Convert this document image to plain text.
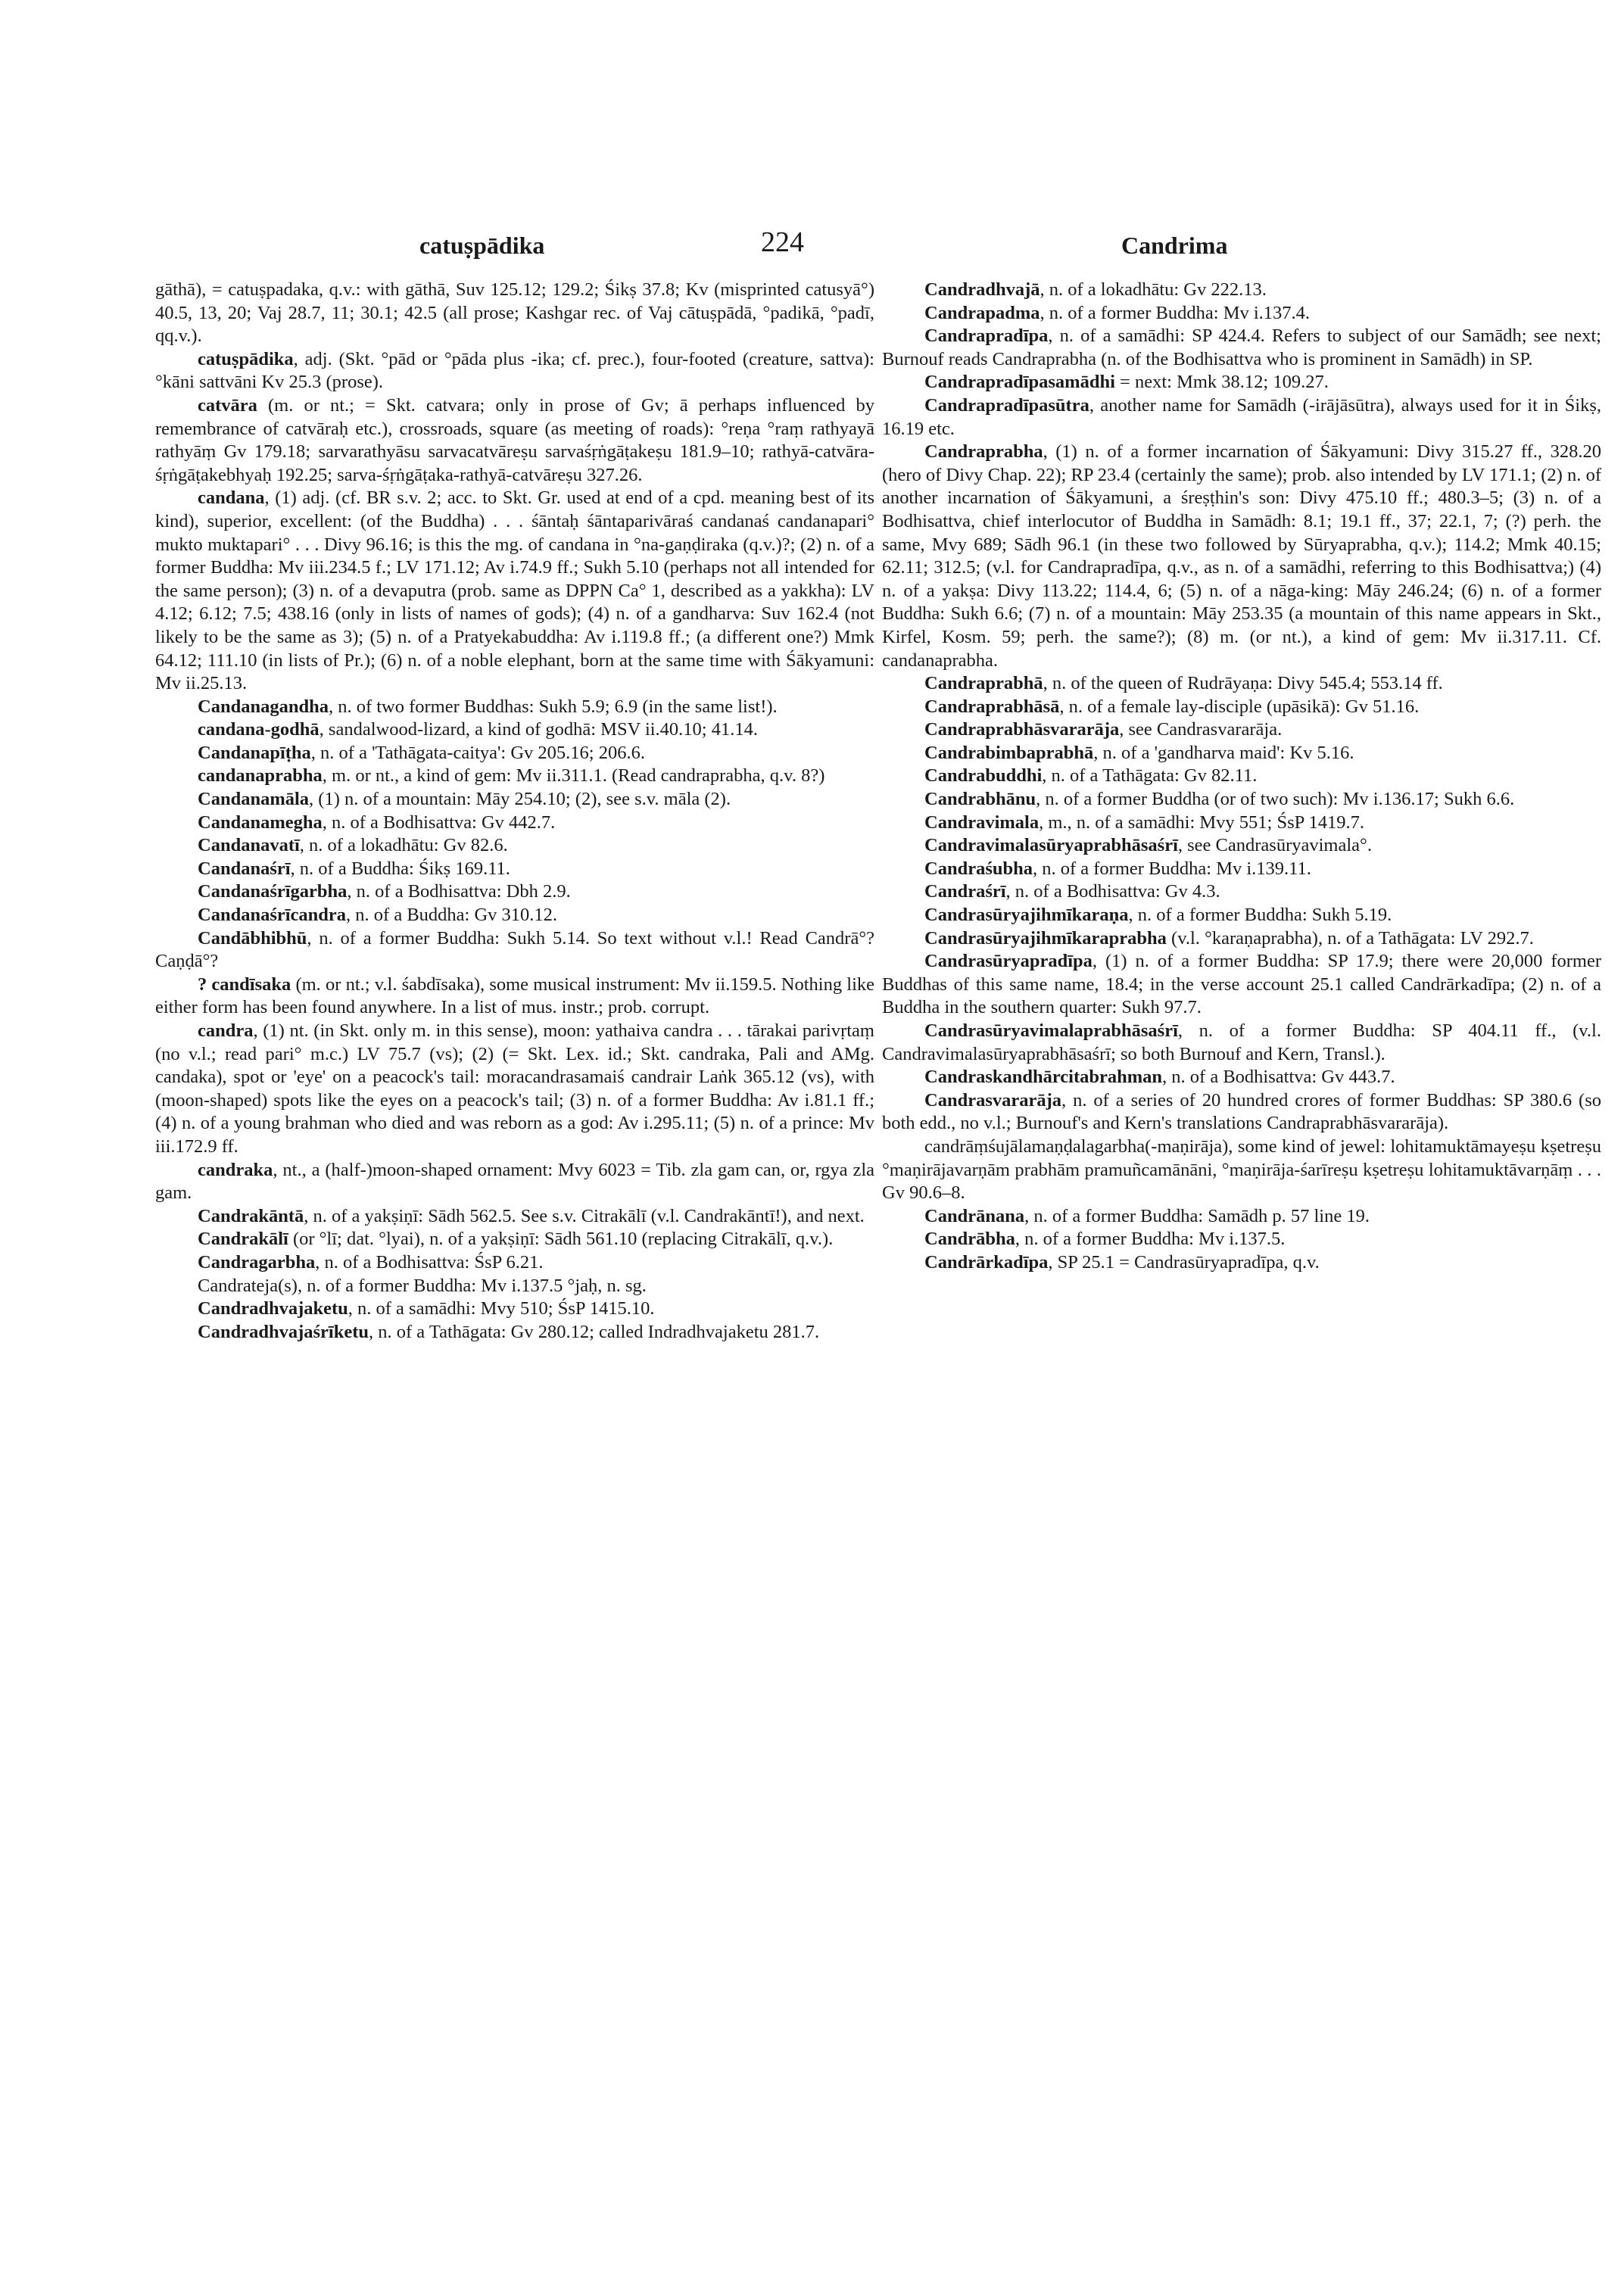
catuṣpādika	224	Candrima

gāthā), = catuṣpadaka, q.v.: with gāthā, Suv 125.12; 129.2; Śikṣ 37.8; Kv (misprinted catusyā°) 40.5, 13, 20; Vaj 28.7, 11; 30.1; 42.5 (all prose; Kashgar rec. of Vaj cātuṣpādā, °padikā, °padī, qq.v.).

catuṣpādika, adj. (Skt. °pād or °pāda plus -ika; cf. prec.), four-footed (creature, sattva): °kāni sattvāni Kv 25.3 (prose).

catvāra (m. or nt.; = Skt. catvara; only in prose of Gv; ā perhaps influenced by remembrance of catvāraḥ etc.), crossroads, square (as meeting of roads): °reṇa °raṃ rathyayā rathyāṃ Gv 179.18; sarvarathyāsu sarvacatvāreṣu sarvaśṛṅgāṭakeṣu 181.9–10; rathyā-catvāra-śṛṅgāṭakebhyaḥ 192.25; sarva-śṛṅgāṭaka-rathyā-catvāreṣu 327.26.

candana, (1) adj. (cf. BR s.v. 2; acc. to Skt. Gr. used at end of a cpd. meaning best of its kind), superior, excellent: (of the Buddha) . . . śāntaḥ śāntaparivāraś candanaś candanapari° mukto muktapari° . . . Divy 96.16; is this the mg. of candana in °na-gaṇḍiraka (q.v.)?; (2) n. of a former Buddha: Mv iii.234.5 f.; LV 171.12; Av i.74.9 ff.; Sukh 5.10 (perhaps not all intended for the same person); (3) n. of a devaputra (prob. same as DPPN Ca° 1, described as a yakkha): LV 4.12; 6.12; 7.5; 438.16 (only in lists of names of gods); (4) n. of a gandharva: Suv 162.4 (not likely to be the same as 3); (5) n. of a Pratyekabuddha: Av i.119.8 ff.; (a different one?) Mmk 64.12; 111.10 (in lists of Pr.); (6) n. of a noble elephant, born at the same time with Śākyamuni: Mv ii.25.13.

Candanagandha, n. of two former Buddhas: Sukh 5.9; 6.9 (in the same list!).

candana-godhā, sandalwood-lizard, a kind of godhā: MSV ii.40.10; 41.14.

Candanapīṭha, n. of a 'Tathāgata-caitya': Gv 205.16; 206.6.

candanaprabha, m. or nt., a kind of gem: Mv ii.311.1. (Read candraprabha, q.v. 8?)

Candanamāla, (1) n. of a mountain: Māy 254.10; (2), see s.v. māla (2).

Candanamegha, n. of a Bodhisattva: Gv 442.7.

Candanavatī, n. of a lokadhātu: Gv 82.6.

Candanaśrī, n. of a Buddha: Śikṣ 169.11.

Candanaśrīgarbha, n. of a Bodhisattva: Dbh 2.9.

Candanaśrīcandra, n. of a Buddha: Gv 310.12.

Candābhibhū, n. of a former Buddha: Sukh 5.14. So text without v.l.! Read Candrā°? Caṇḍā°?

? candīsaka (m. or nt.; v.l. śabdīsaka), some musical instrument: Mv ii.159.5. Nothing like either form has been found anywhere. In a list of mus. instr.; prob. corrupt.

candra, (1) nt. (in Skt. only m. in this sense), moon: yathaiva candra . . . tārakai parivṛtaṃ (no v.l.; read pari° m.c.) LV 75.7 (vs); (2) (= Skt. Lex. id.; Skt. candraka, Pali and AMg. candaka), spot or 'eye' on a peacock's tail: moracandrasamaiś candrair Laṅk 365.12 (vs), with (moon-shaped) spots like the eyes on a peacock's tail; (3) n. of a former Buddha: Av i.81.1 ff.; (4) n. of a young brahman who died and was reborn as a god: Av i.295.11; (5) n. of a prince: Mv iii.172.9 ff.

candraka, nt., a (half-)moon-shaped ornament: Mvy 6023 = Tib. zla gam can, or, rgya zla gam.

Candrakāntā, n. of a yakṣiṇī: Sādh 562.5. See s.v. Citrakālī (v.l. Candrakāntī!), and next.

Candrakālī (or °lī; dat. °lyai), n. of a yakṣiṇī: Sādh 561.10 (replacing Citrakālī, q.v.).

Candragarbha, n. of a Bodhisattva: ŚsP 6.21.

Candrateja(s), n. of a former Buddha: Mv i.137.5 °jaḥ, n. sg.

Candradhvajaketu, n. of a samādhi: Mvy 510; ŚsP 1415.10.

Candradhvajaśrīketu, n. of a Tathāgata: Gv 280.12; called Indradhvajaketu 281.7.

Candradhvajā, n. of a lokadhātu: Gv 222.13.

Candrapadma, n. of a former Buddha: Mv i.137.4.

Candrapradīpa, n. of a samādhi: SP 424.4. Refers to subject of our Samādh; see next; Burnouf reads Candraprabha (n. of the Bodhisattva who is prominent in Samādh) in SP.

Candrapradīpasamādhi = next: Mmk 38.12; 109.27.

Candrapradīpasūtra, another name for Samādh (-irājāsūtra), always used for it in Śikṣ, 16.19 etc.

Candraprabha, (1) n. of a former incarnation of Śākyamuni: Divy 315.27 ff., 328.20 (hero of Divy Chap. 22); RP 23.4 (certainly the same); prob. also intended by LV 171.1; (2) n. of another incarnation of Śākyamuni, a śreṣṭhin's son: Divy 475.10 ff.; 480.3–5; (3) n. of a Bodhisattva, chief interlocutor of Buddha in Samādh: 8.1; 19.1 ff., 37; 22.1, 7; (?) perh. the same, Mvy 689; Sādh 96.1 (in these two followed by Sūryaprabha, q.v.); 114.2; Mmk 40.15; 62.11; 312.5; (v.l. for Candrapradīpa, q.v., as n. of a samādhi, referring to this Bodhisattva;) (4) n. of a yakṣa: Divy 113.22; 114.4, 6; (5) n. of a nāga-king: Māy 246.24; (6) n. of a former Buddha: Sukh 6.6; (7) n. of a mountain: Māy 253.35 (a mountain of this name appears in Skt., Kirfel, Kosm. 59; perh. the same?); (8) m. (or nt.), a kind of gem: Mv ii.317.11. Cf. candanaprabha.

Candraprabhā, n. of the queen of Rudrāyaṇa: Divy 545.4; 553.14 ff.

Candraprabhāsā, n. of a female lay-disciple (upāsikā): Gv 51.16.

Candraprabhāsvararāja, see Candrasvararāja.

Candrabimbaprabhā, n. of a 'gandharva maid': Kv 5.16.

Candrabuddhi, n. of a Tathāgata: Gv 82.11.

Candrabhānu, n. of a former Buddha (or of two such): Mv i.136.17; Sukh 6.6.

Candravimala, m., n. of a samādhi: Mvy 551; ŚsP 1419.7.

Candravimalasūryaprabhāsaśrī, see Candrasūryavimala°.

Candraśubha, n. of a former Buddha: Mv i.139.11.

Candraśrī, n. of a Bodhisattva: Gv 4.3.

Candrasūryajihmīkaraṇa, n. of a former Buddha: Sukh 5.19.

Candrasūryajihmīkaraprabha (v.l. °karaṇaprabha), n. of a Tathāgata: LV 292.7.

Candrasūryapradīpa, (1) n. of a former Buddha: SP 17.9; there were 20,000 former Buddhas of this same name, 18.4; in the verse account 25.1 called Candrārkadīpa; (2) n. of a Buddha in the southern quarter: Sukh 97.7.

Candrasūryavimalaprabhāsaśrī, n. of a former Buddha: SP 404.11 ff., (v.l. Candravimalasūryaprabhāsaśrī; so both Burnouf and Kern, Transl.).

Candraskandhārcitabrahman, n. of a Bodhisattva: Gv 443.7.

Candrasvararāja, n. of a series of 20 hundred crores of former Buddhas: SP 380.6 (so both edd., no v.l.; Burnouf's and Kern's translations Candraprabhāsvararāja).

candrāṃśujālamaṇḍalagarbha(-maṇirāja), some kind of jewel: lohitamuktāmayeṣu kṣetreṣu °maṇirājavarṇām prabhām pramuñcamānāni, °maṇirāja-śarīreṣu kṣetreṣu lohitamuktāvarṇāṃ . . . Gv 90.6–8.

Candrānana, n. of a former Buddha: Samādh p. 57 line 19.

Candrābha, n. of a former Buddha: Mv i.137.5.

Candrārkadīpa, SP 25.1 = Candrasūryapradīpa, q.v.
